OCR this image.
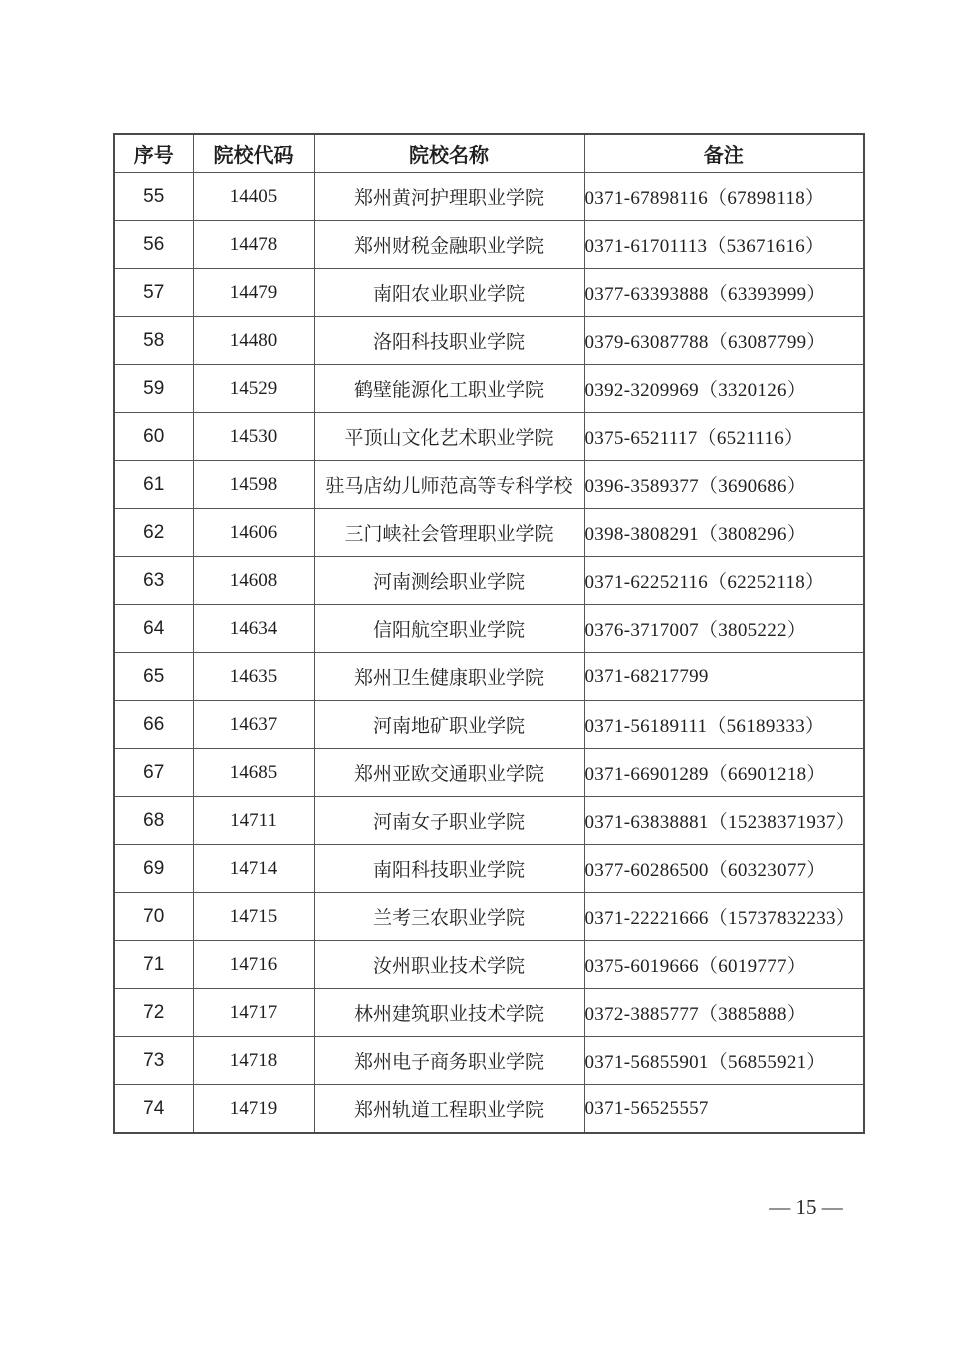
序号	院校代码	院校名称	备注
55	14405	郑州黄河护理职业学院	0371-67898116（67898118）
56	14478	郑州财税金融职业学院	0371-61701113（53671616）
57	14479	南阳农业职业学院	0377-63393888（63393999）
58	14480	洛阳科技职业学院	0379-63087788（63087799）
59	14529	鹤壁能源化工职业学院	0392-3209969（3320126）
60	14530	平顶山文化艺术职业学院	0375-6521117（6521116）
61	14598	驻马店幼儿师范高等专科学校	0396-3589377（3690686）
62	14606	三门峡社会管理职业学院	0398-3808291（3808296）
63	14608	河南测绘职业学院	0371-62252116（62252118）
64	14634	信阳航空职业学院	0376-3717007（3805222）
65	14635	郑州卫生健康职业学院	0371-68217799
66	14637	河南地矿职业学院	0371-56189111（56189333）
67	14685	郑州亚欧交通职业学院	0371-66901289（66901218）
68	14711	河南女子职业学院	0371-63838881（15238371937）
69	14714	南阳科技职业学院	0377-60286500（60323077）
70	14715	兰考三农职业学院	0371-22221666（15737832233）
71	14716	汝州职业技术学院	0375-6019666（6019777）
72	14717	林州建筑职业技术学院	0372-3885777（3885888）
73	14718	郑州电子商务职业学院	0371-56855901（56855921）
74	14719	郑州轨道工程职业学院	0371-56525557
— 15 —
